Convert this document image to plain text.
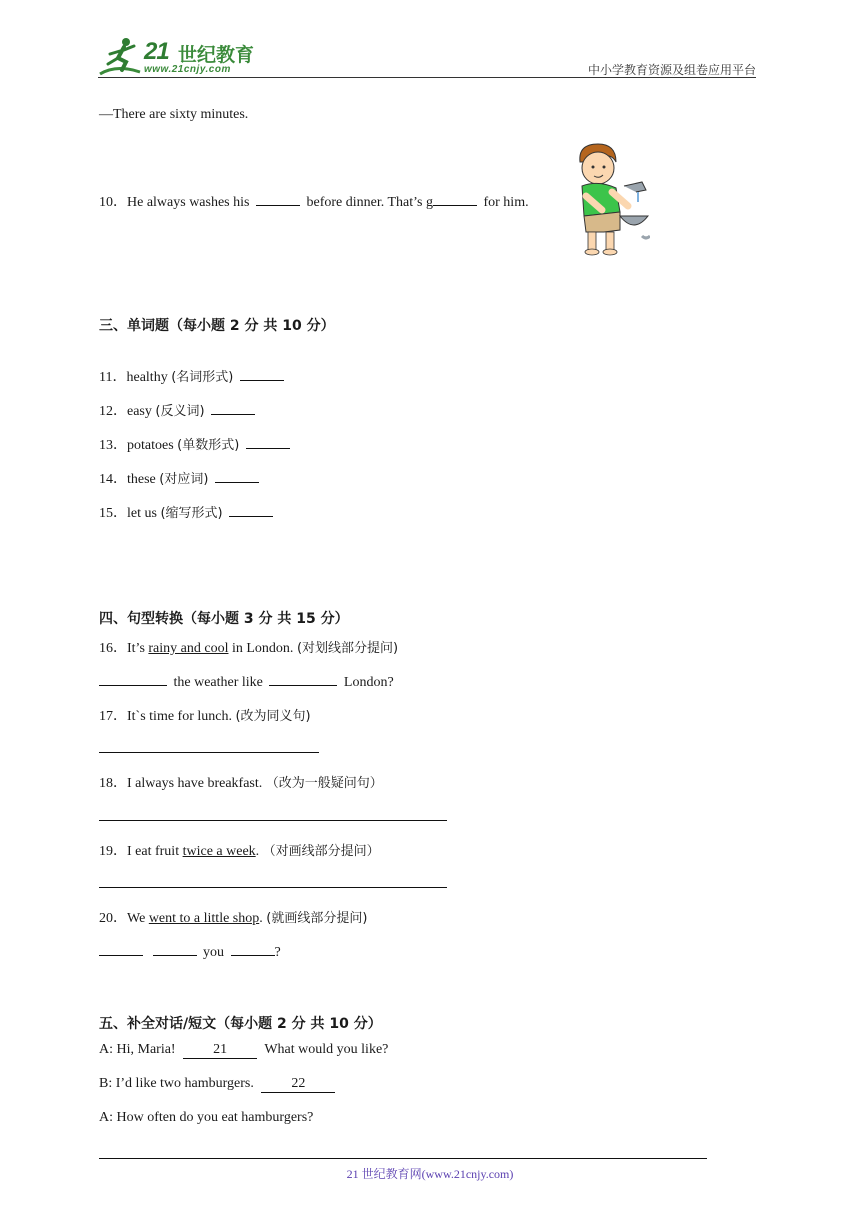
21 世纪教育
www.21cnjy.com	中小学教育资源及组卷应用平台
—There are sixty minutes.
10．He always washes his	before dinner. That’s g	for him.
三、单词题（每小题 2 分 共 10 分）
11．healthy (名词形式)
12．easy (反义词)
13．potatoes (单数形式)
14．these (对应词)
15．let us (缩写形式)
四、句型转换（每小题 3 分 共 15 分）
16．It’s rainy and cool in London. (对划线部分提问)
the weather like	London?
17．It`s time for lunch. (改为同义句)
18．I always have breakfast. （改为一般疑问句）
19．I eat fruit twice a week. （对画线部分提问）
20．We went to a little shop. (就画线部分提问)
you	?
五、补全对话/短文（每小题 2 分 共 10 分）
A: Hi, Maria!	21	What would you like?
B: I’d like two hamburgers.	22
A: How often do you eat hamburgers?
21 世纪教育网(www.21cnjy.com)
